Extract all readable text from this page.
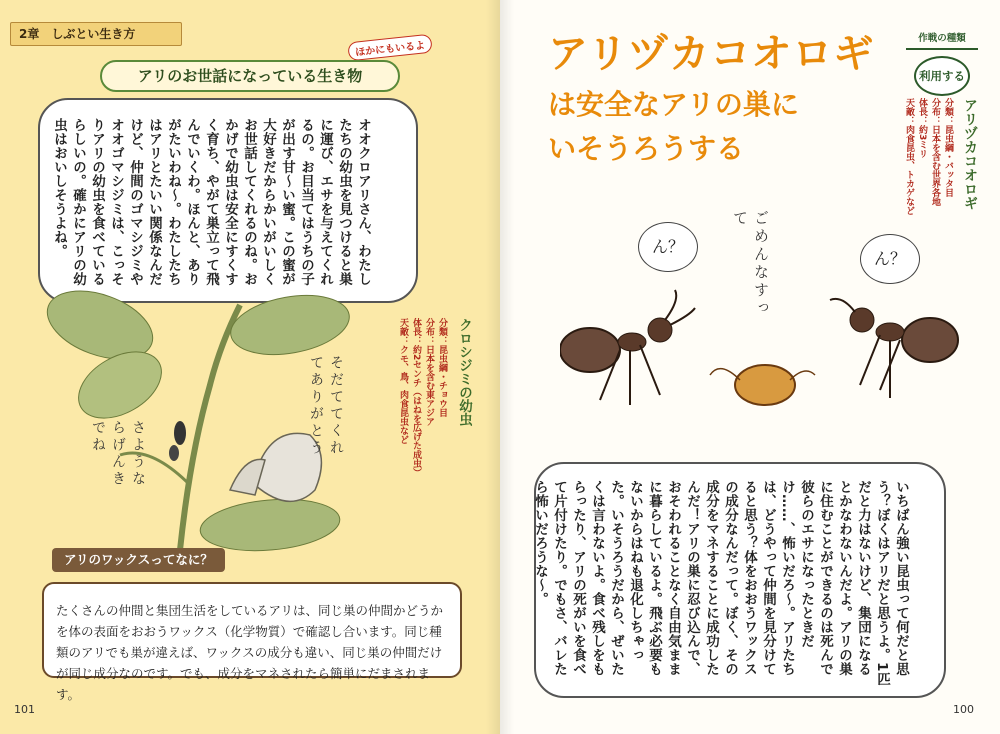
2章　しぶとい生き方
ほかにもいるよ
アリのお世話になっている生き物
オオクロアリさん、わたしたちの幼虫を見つけると巣に運び、エサを与えてくれるの。お目当てはうちの子が出す甘〜い蜜。この蜜が大好きだからかいがいしくお世話してくれるのね。おかげで幼虫は安全にすくすく育ち、やがて巣立って飛んでいくわ。ほんと、ありがたいわね〜。わたしたちはアリとたいい関係なんだけど、仲間のゴマシジミやオオゴマシジミは、こっそりアリの幼虫を食べているらしいの。確かにアリの幼虫はおいしそうよね。
そだててくれてありがとう
さようならげんきでね
クロシジミの幼虫
分類：昆虫綱・チョウ目
分布：日本を含む東アジア
体長：約2センチ（はねを広げた成虫）
天敵：クモ、鳥、肉食昆虫など
たくさんの仲間と集団生活をしているアリは、同じ巣の仲間かどうかを体の表面をおおうワックス（化学物質）で確認し合います。同じ種類のアリでも巣が違えば、ワックスの成分も違い、同じ巣の仲間だけが同じ成分なのです。でも、成分をマネされたら簡単にだまされます。
アリのワックスってなに？
101
アリヅカコオロギ
は安全なアリの巣に
いそうろうする
作戦の種類
利用する
アリヅカコオロギ
分類：昆虫綱・バッタ目
分布：日本を含む世界各地
体長：約3ミリ
天敵：肉食昆虫、トカゲなど
ん？
ん？
ごめんなすって
いちばん強い昆虫って何だと思う？ぼくはアリだと思うよ。1匹だと力はないけど、集団になるとかなわないんだよ。アリの巣に住むことができるのは死んで彼らのエサになったときだけ……、怖いだろ〜。アリたちは、どうやって仲間を見分けてると思う？体をおおうワックスの成分なんだって。ぼく、その成分をマネすることに成功したんだ！アリの巣に忍び込んで、おそわれることなく自由気ままに暮らしているよ。飛ぶ必要もないからはねも退化しちゃった。いそうろうだから、ぜいたくは言わないよ。食べ残しをもらったり、アリの死がいを食べて片付けたり。でもさ、バレたら怖いだろうな〜。
100
